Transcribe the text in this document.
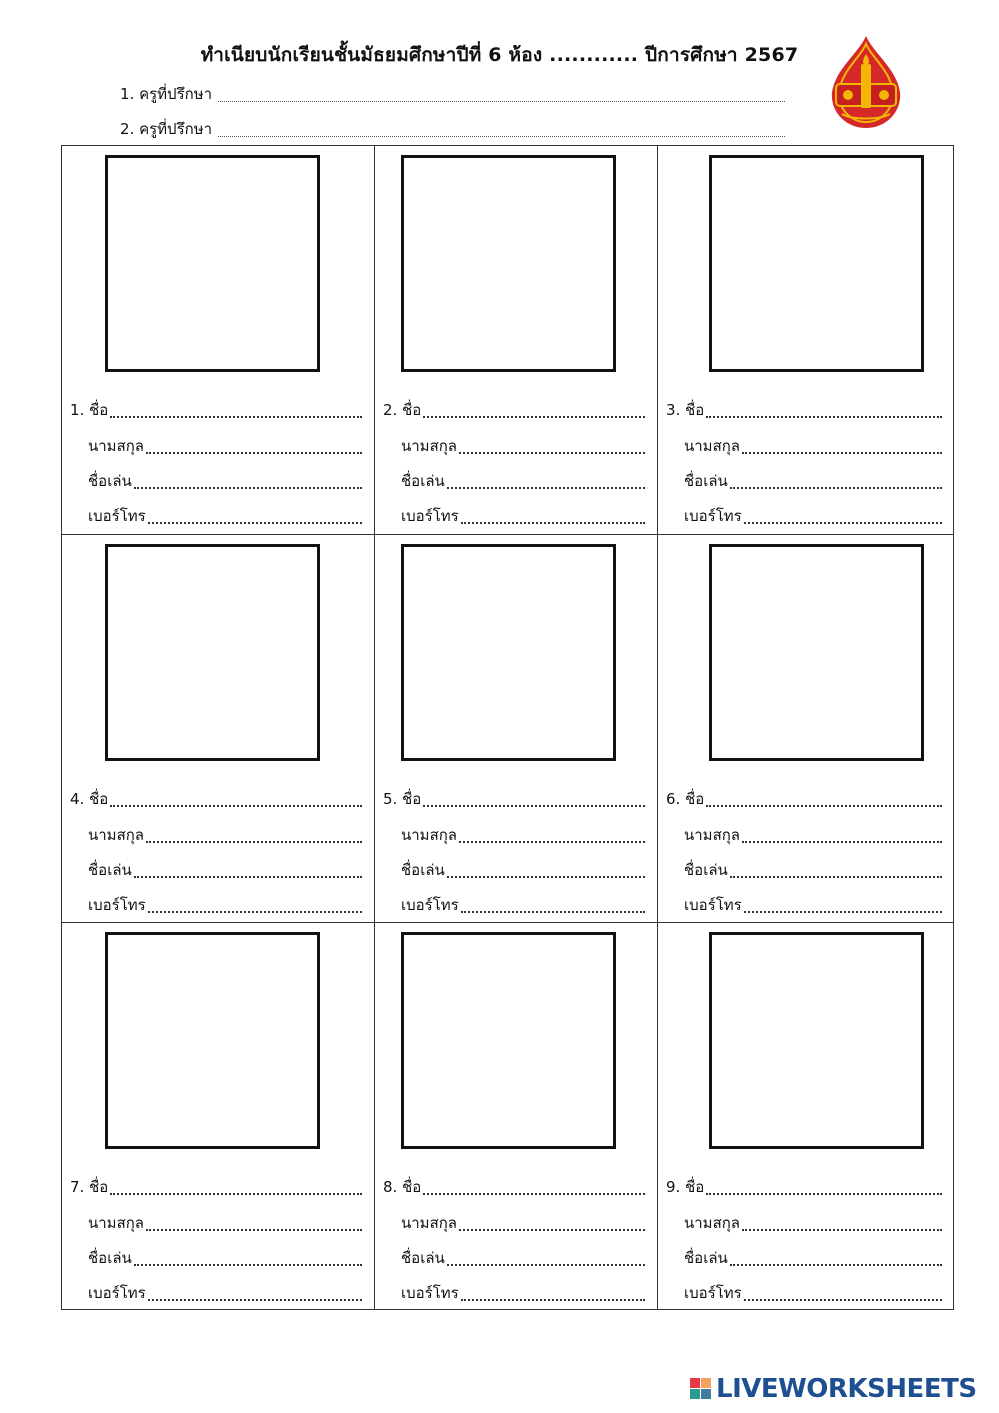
ทำเนียบนักเรียนชั้นมัธยมศึกษาปีที่ 6 ห้อง ............ ปีการศึกษา 2567
1. ครูที่ปรึกษา
2. ครูที่ปรึกษา
1. ชื่อ
นามสกุล
ชื่อเล่น
เบอร์โทร
2. ชื่อ
นามสกุล
ชื่อเล่น
เบอร์โทร
3. ชื่อ
นามสกุล
ชื่อเล่น
เบอร์โทร
4. ชื่อ
นามสกุล
ชื่อเล่น
เบอร์โทร
5. ชื่อ
นามสกุล
ชื่อเล่น
เบอร์โทร
6. ชื่อ
นามสกุล
ชื่อเล่น
เบอร์โทร
7. ชื่อ
นามสกุล
ชื่อเล่น
เบอร์โทร
8. ชื่อ
นามสกุล
ชื่อเล่น
เบอร์โทร
9. ชื่อ
นามสกุล
ชื่อเล่น
เบอร์โทร
LIVEWORKSHEETS
